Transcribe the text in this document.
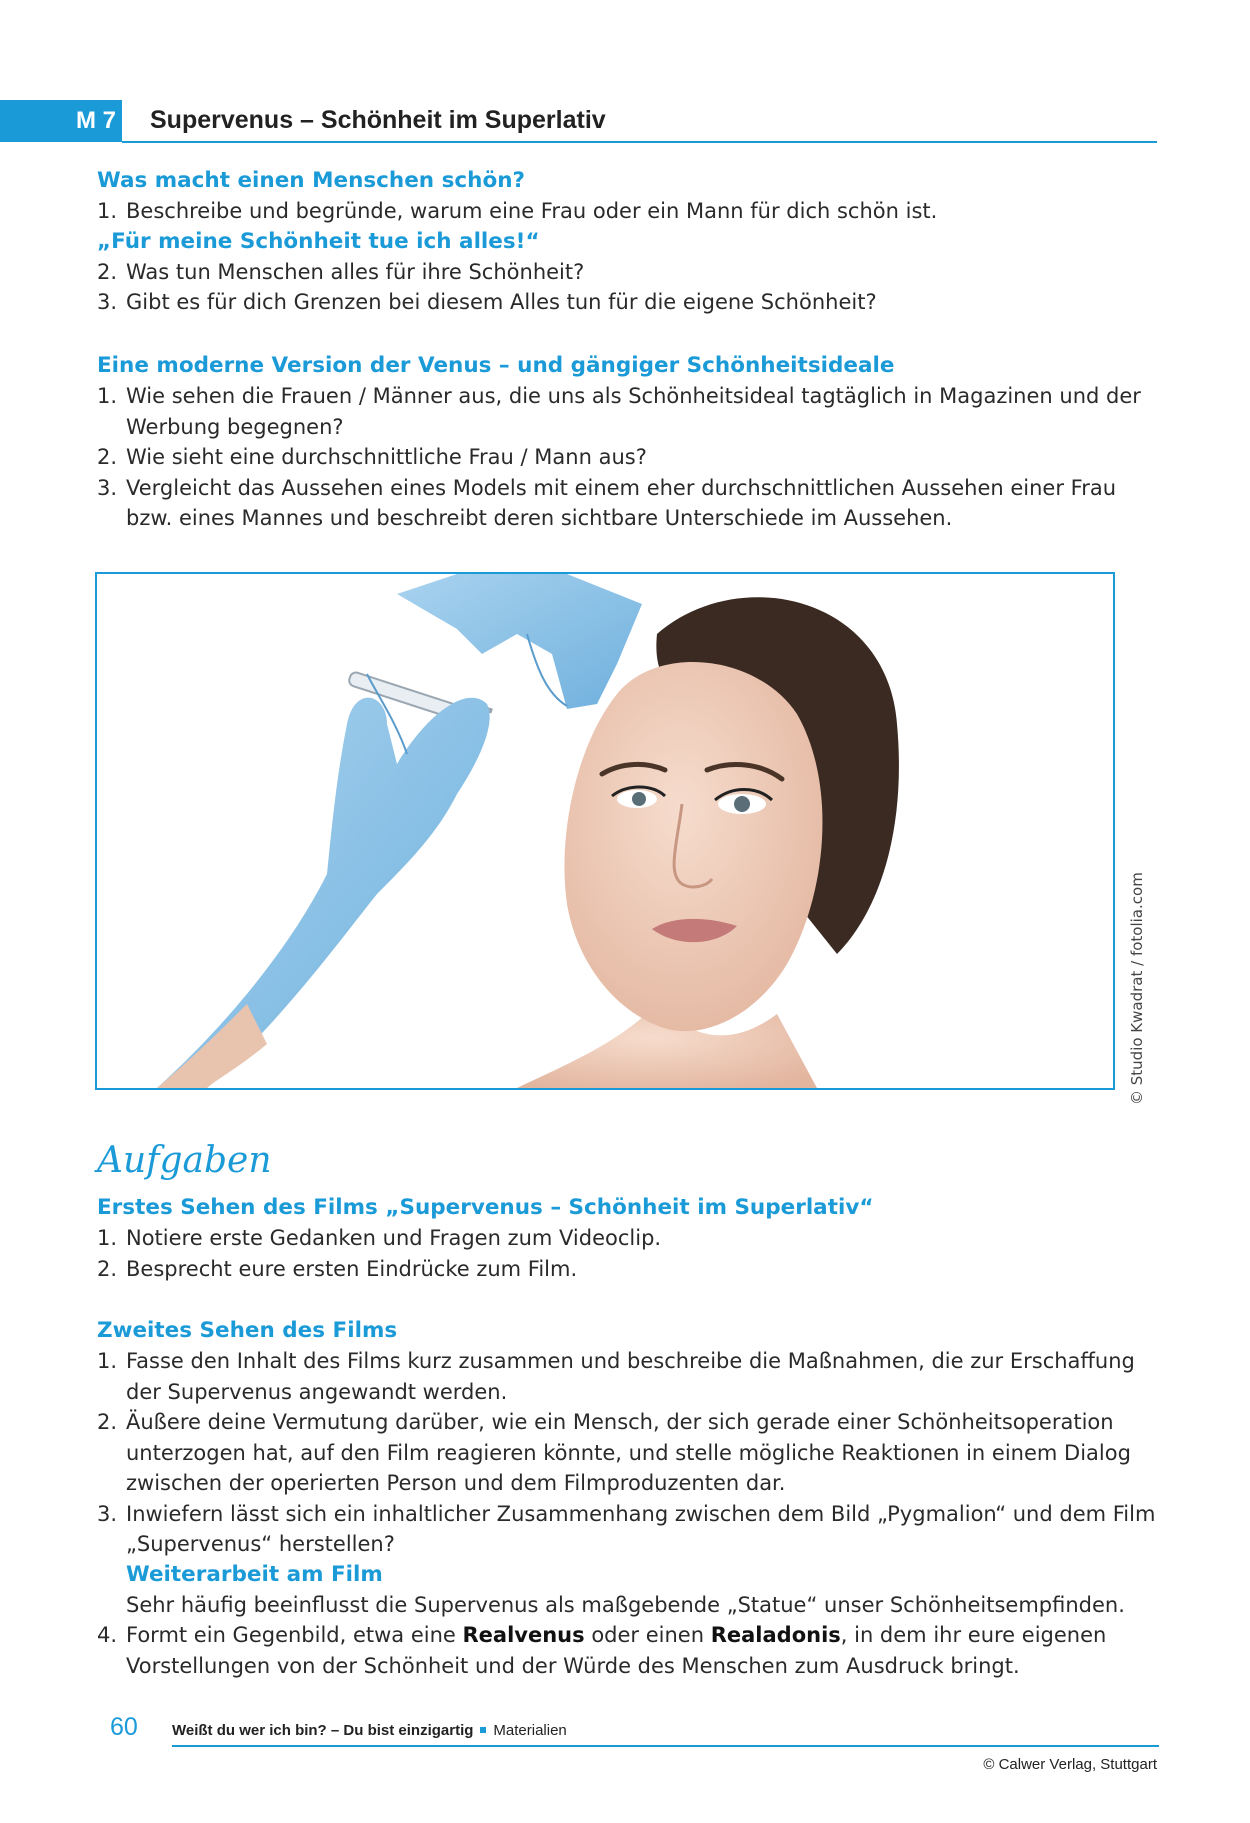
M 7 Supervenus – Schönheit im Superlativ
Was macht einen Menschen schön?
1. Beschreibe und begründe, warum eine Frau oder ein Mann für dich schön ist.
„Für meine Schönheit tue ich alles!“
2. Was tun Menschen alles für ihre Schönheit?
3. Gibt es für dich Grenzen bei diesem Alles tun für die eigene Schönheit?
Eine moderne Version der Venus – und gängiger Schönheitsideale
1. Wie sehen die Frauen / Männer aus, die uns als Schönheitsideal tagtäglich in Magazinen und der Werbung begegnen?
2. Wie sieht eine durchschnittliche Frau / Mann aus?
3. Vergleicht das Aussehen eines Models mit einem eher durchschnittlichen Aussehen einer Frau bzw. eines Mannes und beschreibt deren sichtbare Unterschiede im Aussehen.
© Studio Kwadrat / fotolia.com
Aufgaben
Erstes Sehen des Films „Supervenus – Schönheit im Superlativ“
1. Notiere erste Gedanken und Fragen zum Videoclip.
2. Besprecht eure ersten Eindrücke zum Film.
Zweites Sehen des Films
1. Fasse den Inhalt des Films kurz zusammen und beschreibe die Maßnahmen, die zur Erschaffung der Supervenus angewandt werden.
2. Äußere deine Vermutung darüber, wie ein Mensch, der sich gerade einer Schönheitsoperation unterzogen hat, auf den Film reagieren könnte, und stelle mögliche Reaktionen in einem Dialog zwischen der operierten Person und dem Filmproduzenten dar.
3. Inwiefern lässt sich ein inhaltlicher Zusammenhang zwischen dem Bild „Pygmalion“ und dem Film „Supervenus“ herstellen?
Weiterarbeit am Film
Sehr häufig beeinflusst die Supervenus als maßgebende „Statue“ unser Schönheitsempfinden.
4. Formt ein Gegenbild, etwa eine Realvenus oder einen Realadonis, in dem ihr eure eigenen Vorstellungen von der Schönheit und der Würde des Menschen zum Ausdruck bringt.
60 Weißt du wer ich bin? – Du bist einzigartig Materialien
© Calwer Verlag, Stuttgart
